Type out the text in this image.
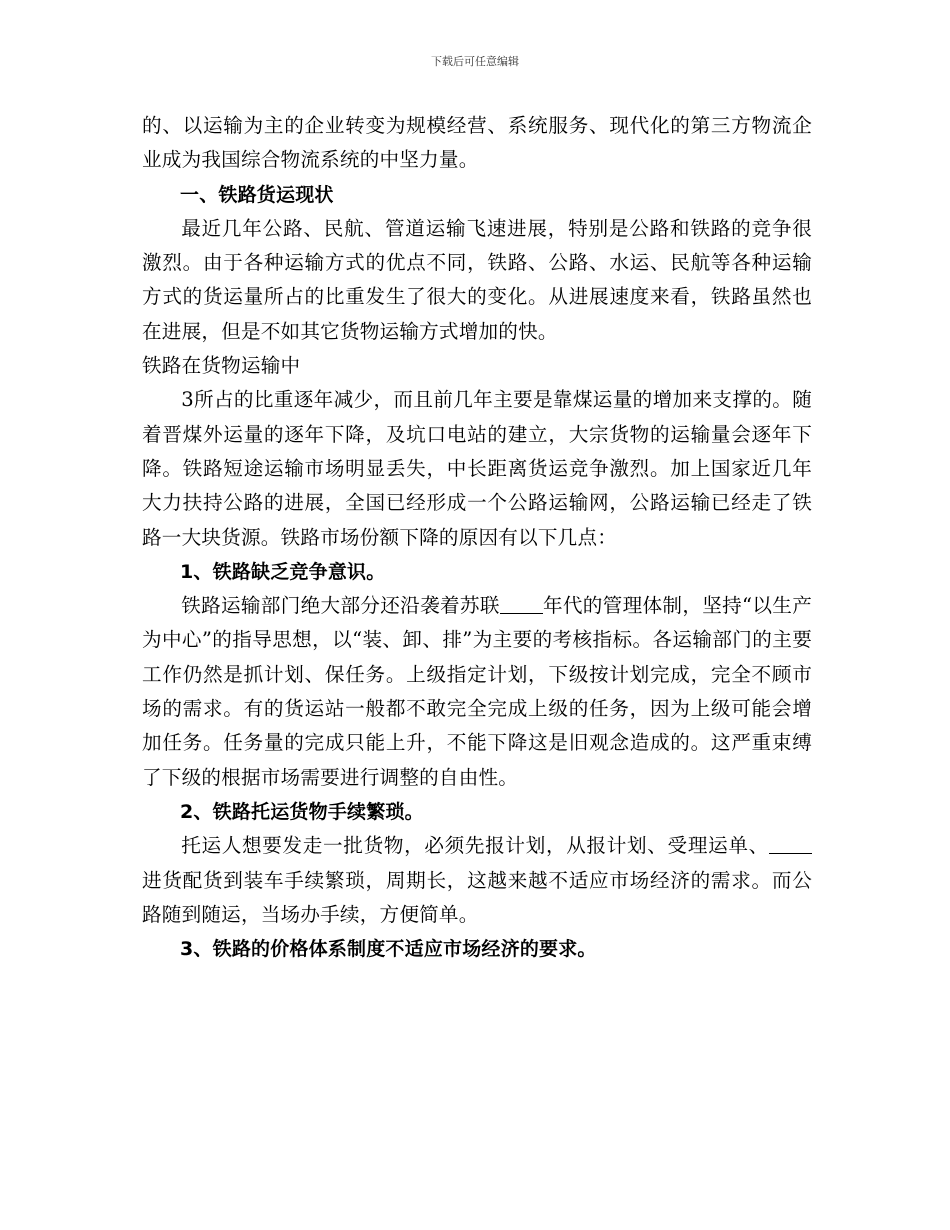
下载后可任意编辑

的、以运输为主的企业转变为规模经营、系统服务、现代化的第三方物流企业成为我国综合物流系统的中坚力量。

一、铁路货运现状

最近几年公路、民航、管道运输飞速进展，特别是公路和铁路的竞争很激烈。由于各种运输方式的优点不同，铁路、公路、水运、民航等各种运输方式的货运量所占的比重发生了很大的变化。从进展速度来看，铁路虽然也在进展，但是不如其它货物运输方式增加的快。

铁路在货物运输中

3所占的比重逐年减少，而且前几年主要是靠煤运量的增加来支撑的。随着晋煤外运量的逐年下降，及坑口电站的建立，大宗货物的运输量会逐年下降。铁路短途运输市场明显丢失，中长距离货运竞争激烈。加上国家近几年大力扶持公路的进展，全国已经形成一个公路运输网，公路运输已经走了铁路一大块货源。铁路市场份额下降的原因有以下几点：

1、铁路缺乏竞争意识。

铁路运输部门绝大部分还沿袭着苏联 年代的管理体制，坚持“以生产为中心”的指导思想，以“装、卸、排”为主要的考核指标。各运输部门的主要工作仍然是抓计划、保任务。上级指定计划，下级按计划完成，完全不顾市场的需求。有的货运站一般都不敢完全完成上级的任务，因为上级可能会增加任务。任务量的完成只能上升，不能下降这是旧观念造成的。这严重束缚了下级的根据市场需要进行调整的自由性。

2、铁路托运货物手续繁琐。

托运人想要发走一批货物，必须先报计划，从报计划、受理运单、进货配货到装车手续繁琐，周期长，这越来越不适应市场经济的需求。而公路随到随运，当场办手续，方便简单。

3、铁路的价格体系制度不适应市场经济的要求。
